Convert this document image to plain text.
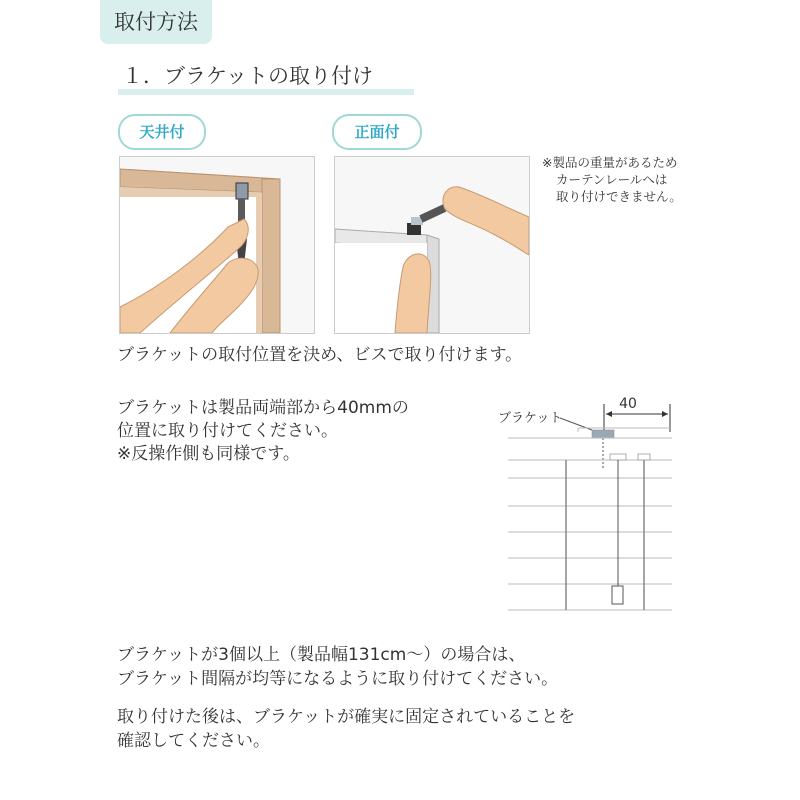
取付方法
１．ブラケットの取り付け
天井付	正面付
※製品の重量があるため
カーテンレールへは
取り付けできません。
ブラケットの取付位置を決め、ビスで取り付けます。
ブラケットは製品両端部から40mmの
位置に取り付けてください。
※反操作側も同様です。
ブラケット
40
ブラケットが3個以上（製品幅131cm～）の場合は、
ブラケット間隔が均等になるように取り付けてください。
取り付けた後は、ブラケットが確実に固定されていることを
確認してください。
